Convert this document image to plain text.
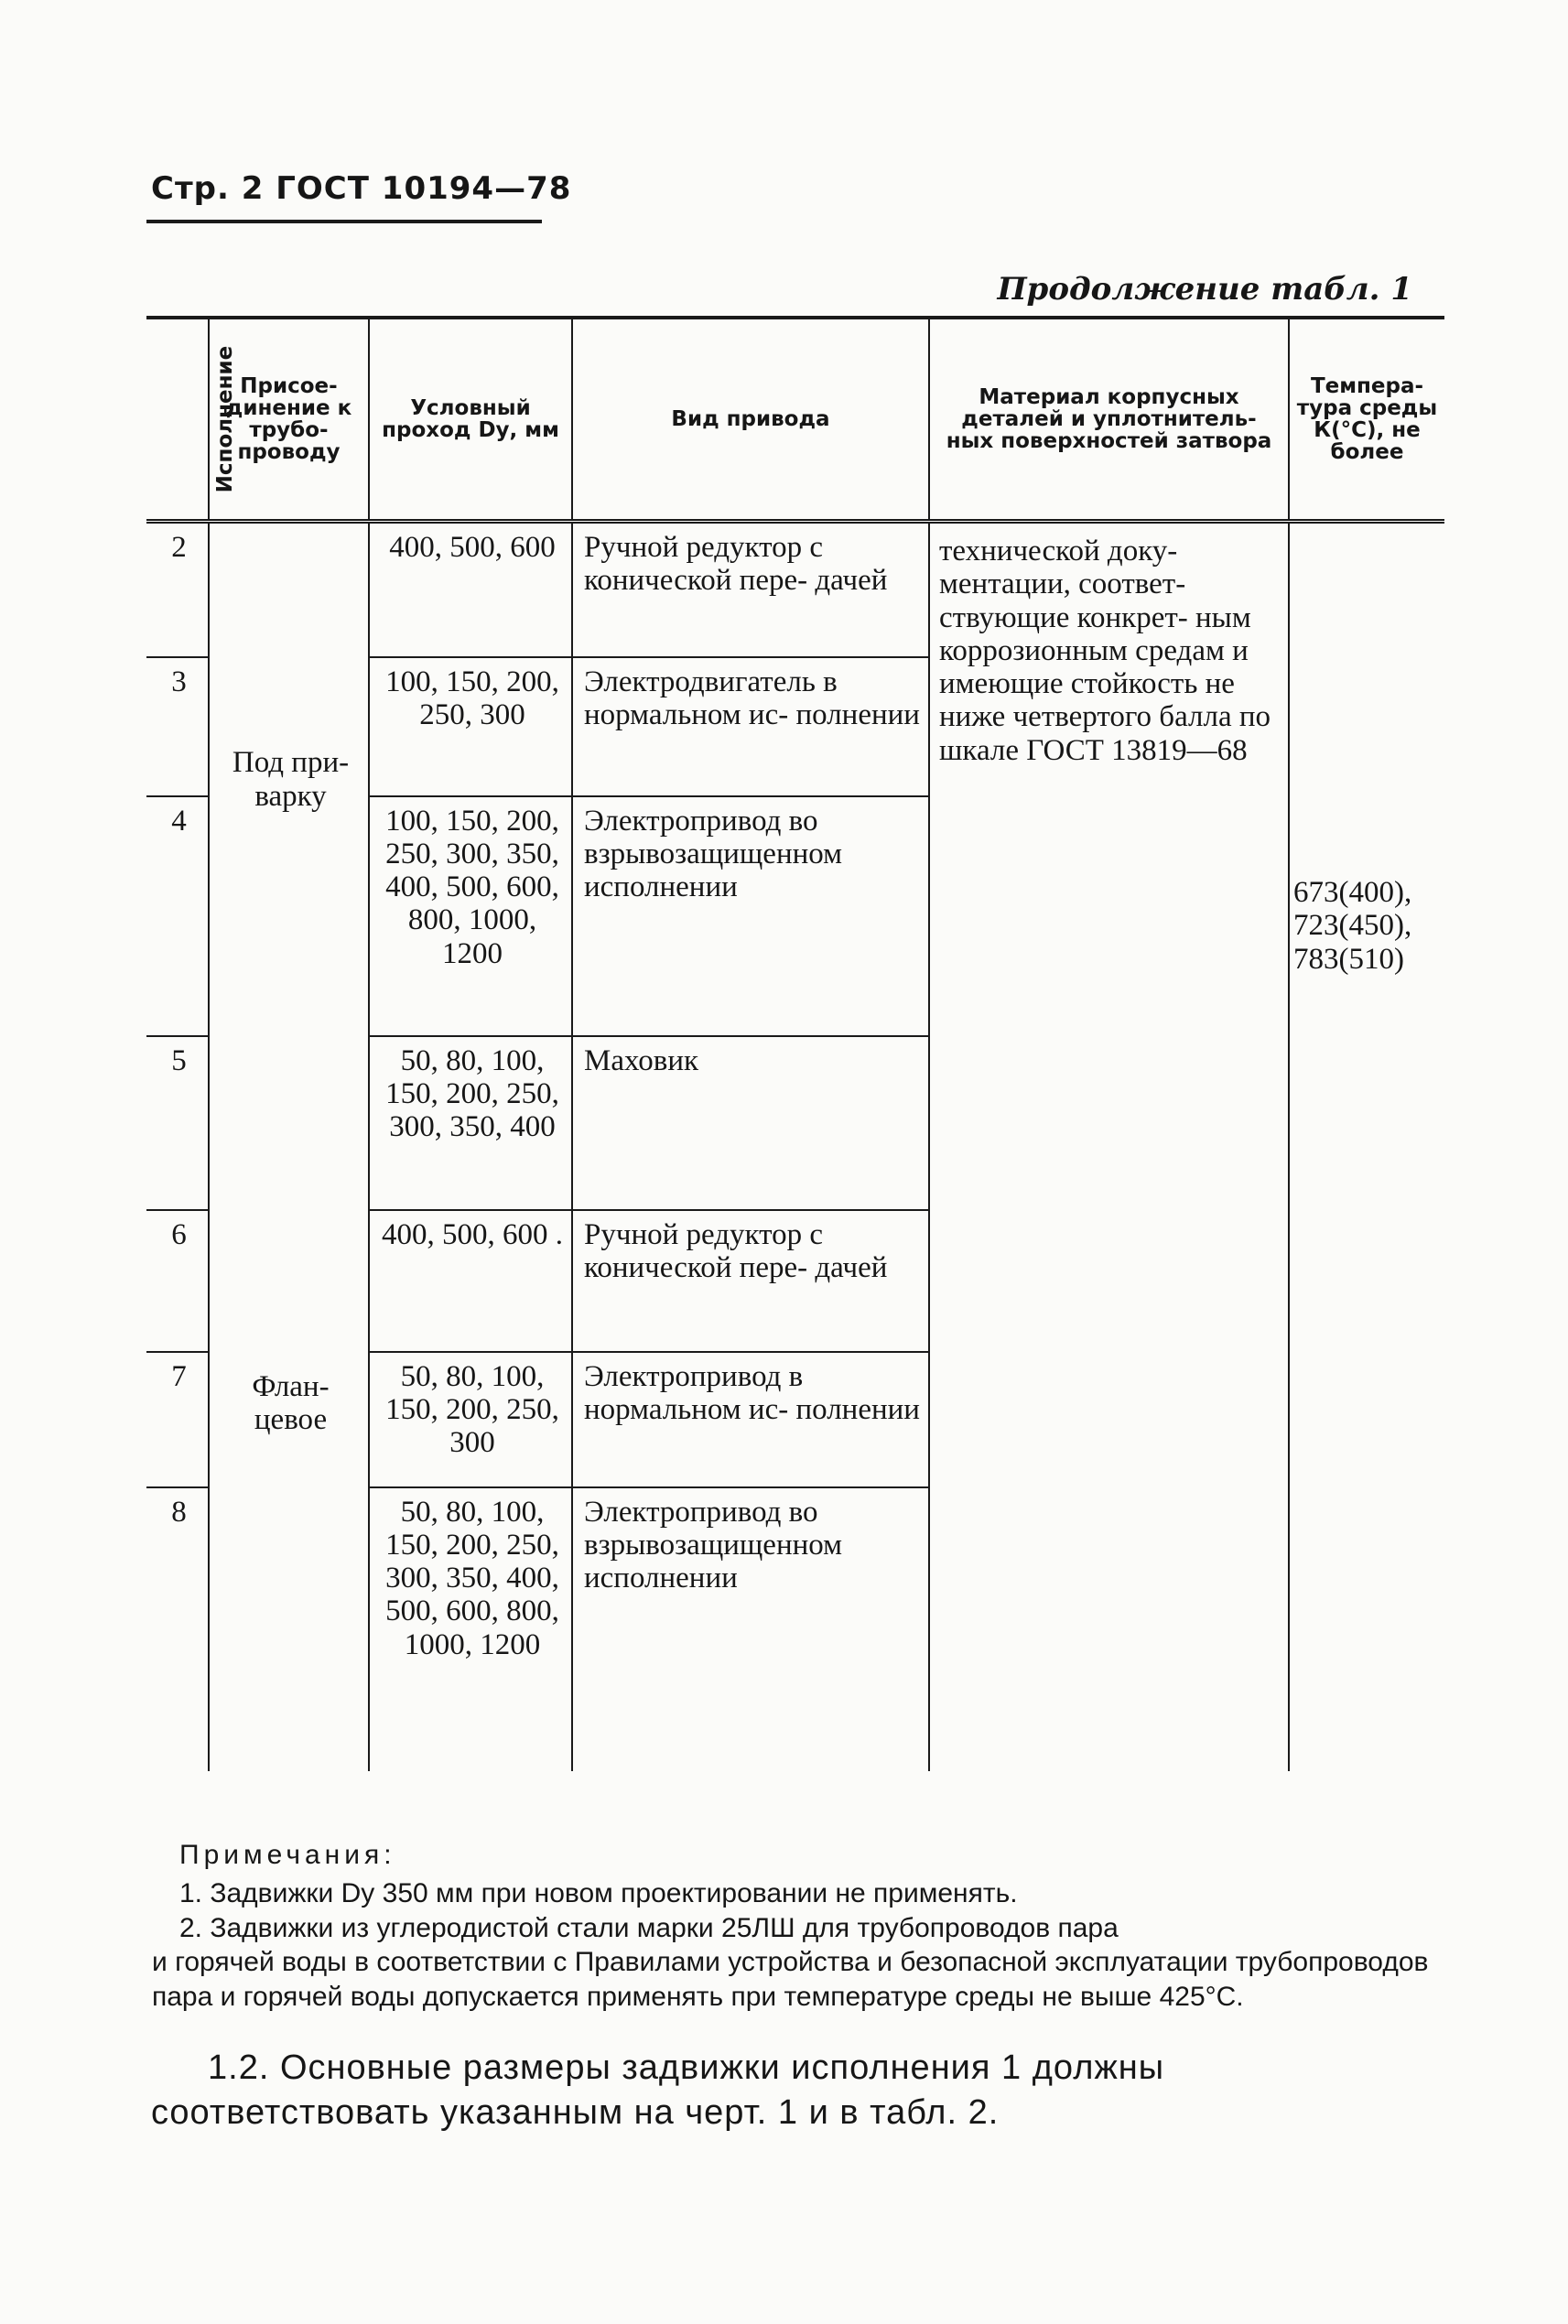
Стр. 2 ГОСТ 10194—78
Продолжение табл. 1
Исполнение	Присое- динение к трубо- проводу	Условный проход Dу, мм	Вид привода	Материал корпусных деталей и уплотнитель- ных поверхностей затвора	Темпера- тура среды К(°С), не более
2	Под при- варку	400, 500, 600	Ручной редуктор с конической пере- дачей	технической доку- ментации, соответ- ствующие конкрет- ным коррозионным средам и имеющие стойкость не ниже четвертого балла по шкале ГОСТ 13819—68	673(400), 723(450), 783(510)

3		100, 150, 200, 250, 300	Электродвигатель в нормальном ис- полнении		
4		100, 150, 200, 250, 300, 350, 400, 500, 600, 800, 1000, 1200	Электропривод во взрывозащищенном исполнении		
5	Флан- цевое	50, 80, 100, 150, 200, 250, 300, 350, 400	Маховик		
6		400, 500, 600 .	Ручной редуктор с конической пере- дачей		
7		50, 80, 100, 150, 200, 250, 300	Электропривод в нормальном ис- полнении		
8		50, 80, 100, 150, 200, 250, 300, 350, 400, 500, 600, 800, 1000, 1200	Электропривод во взрывозащищенном исполнении		
Примечания:

1. Задвижки Dу 350 мм при новом проектировании не применять.

2. Задвижки из углеродистой стали марки 25ЛШ для трубопроводов пара

и горячей воды в соответствии с Правилами устройства и безопасной эксплуатации трубопроводов пара и горячей воды допускается применять при температуре среды не выше 425°С.

1.2. Основные размеры задвижки исполнения 1 должны соответствовать указанным на черт. 1 и в табл. 2.
